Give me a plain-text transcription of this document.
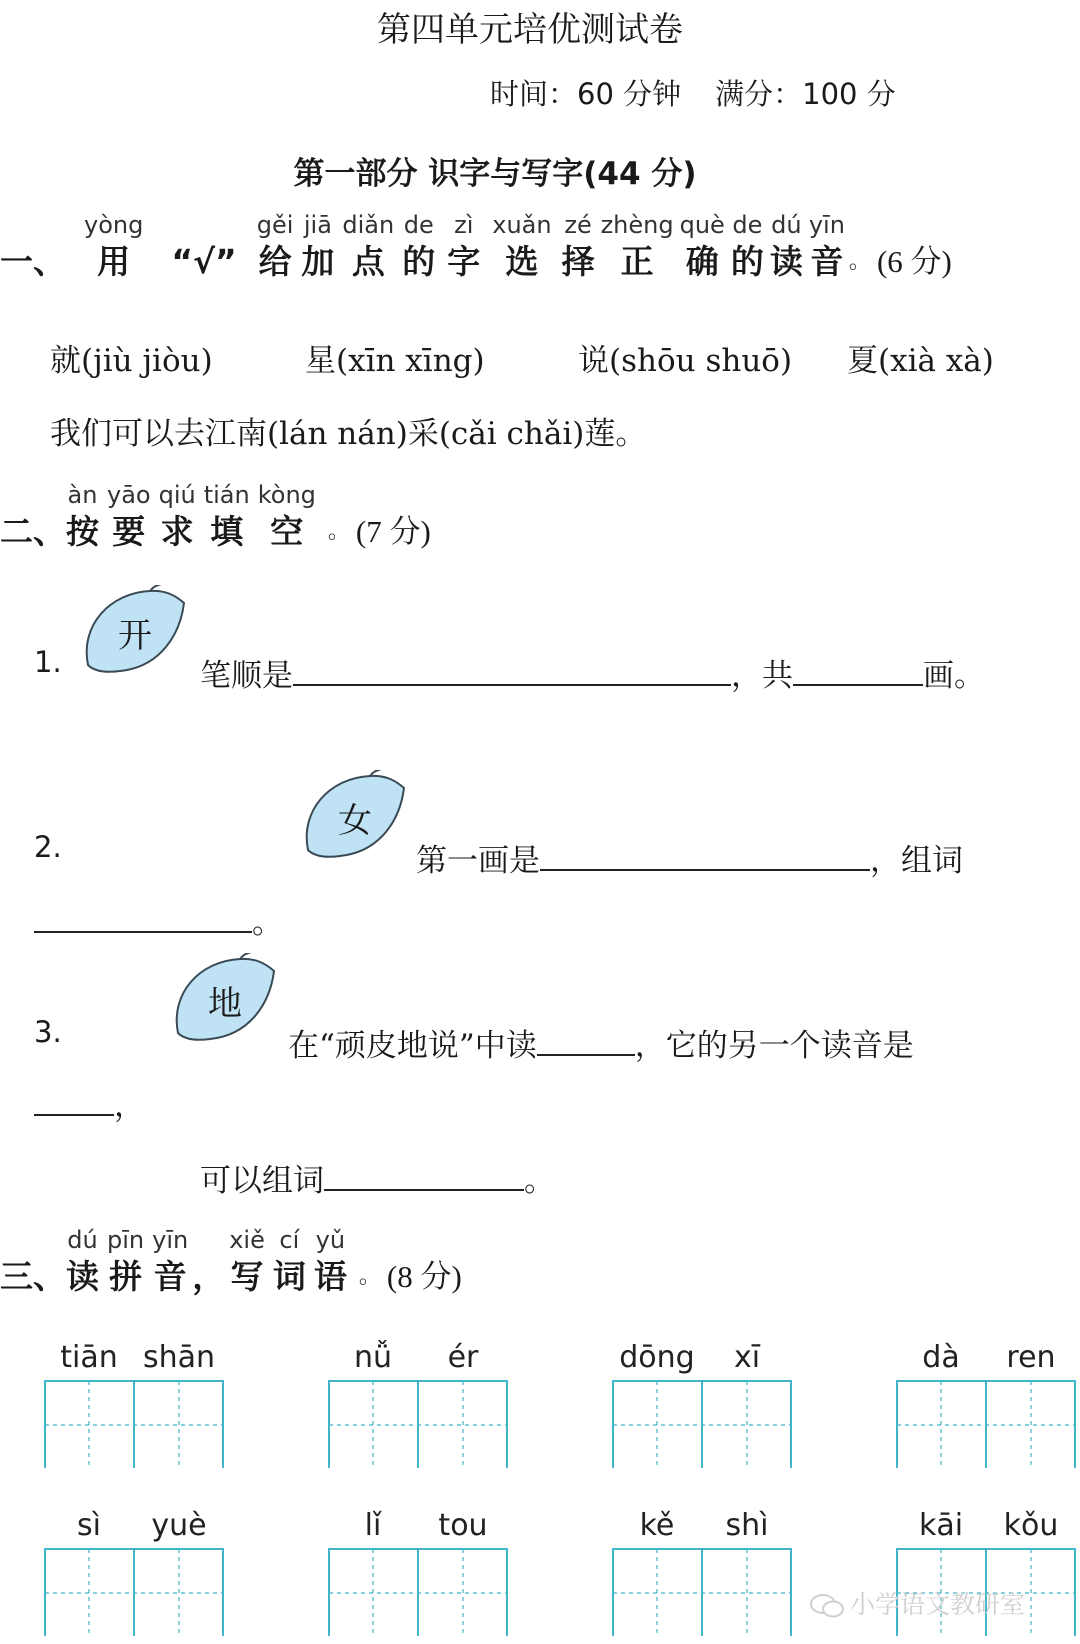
第四单元培优测试卷
时间：60 分钟 满分：100 分
第一部分 识字与写字(44 分)
一、
yòng
用 “√”
gěi
给
jiā
加
diǎn
点
de
的
zì
字
xuǎn
选
zé
择
zhèng
正
què
确
de
的
dú
读
yīn
音 。 (6 分)
就(jiù jiòu)	星(xīn xīng)	说(shōu shuō) 夏(xià xà)
我们可以去江南(lán nán)采(cǎi chǎi)莲。
二、
àn
按
yāo
要
qiú
求
tián
填
kòng
空 。 (7 分)
1.
开
笔顺是	，共	画。
2.
女
第一画是	，组词
。
3.
地
在“顽皮地说”中读	，它的另一个读音是
，
可以组词	。
三、
dú
读
pīn
拼
yīn
音 ，
xiě
写
cí
词
yǔ
语 。 (8 分)
tiān shān	nǚ ér	dōng xī	dà ren
sì yuè	lǐ tou	kě shì	kāi kǒu
小学语文教研室
